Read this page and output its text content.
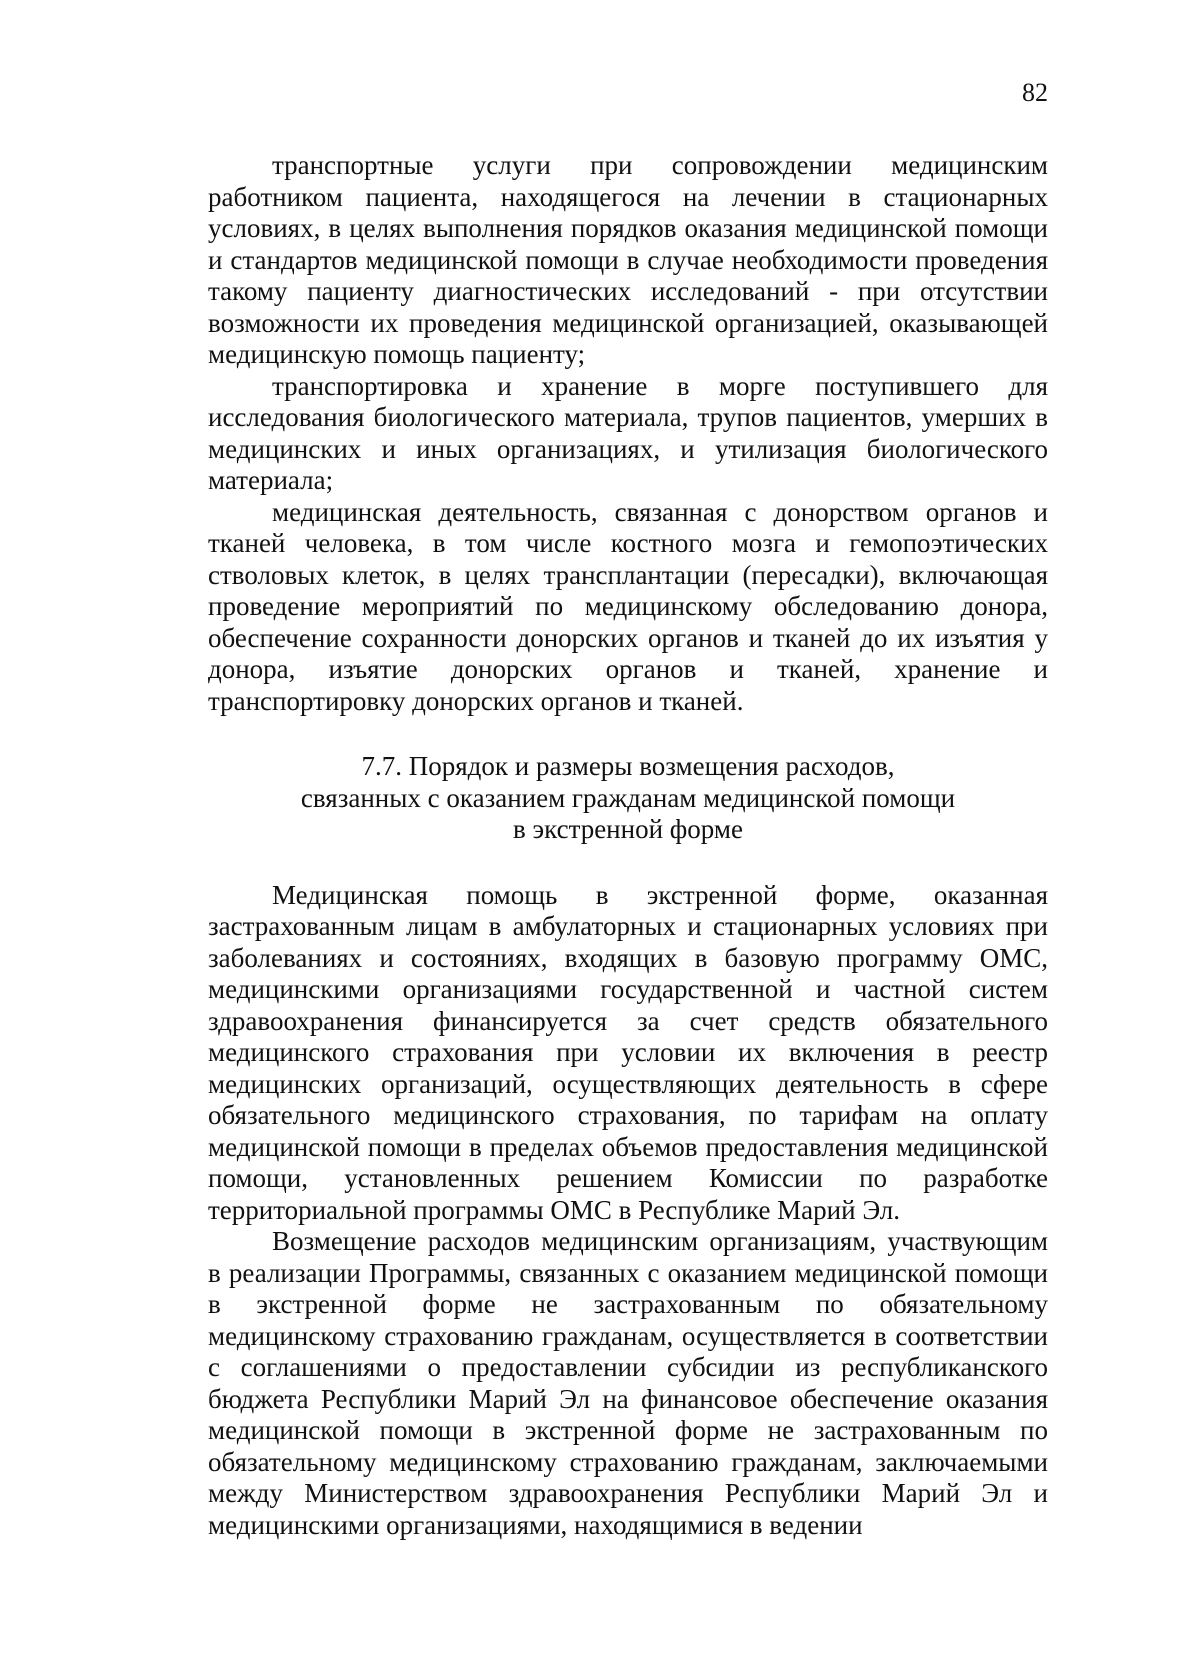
82

транспортные услуги при сопровождении медицинским работником пациента, находящегося на лечении в стационарных условиях, в целях выполнения порядков оказания медицинской помощи и стандартов медицинской помощи в случае необходимости проведения такому пациенту диагностических исследований - при отсутствии возможности их проведения медицинской организацией, оказывающей медицинскую помощь пациенту;

транспортировка и хранение в морге поступившего для исследования биологического материала, трупов пациентов, умерших в медицинских и иных организациях, и утилизация биологического материала;

медицинская деятельность, связанная с донорством органов и тканей человека, в том числе костного мозга и гемопоэтических стволовых клеток, в целях трансплантации (пересадки), включающая проведение мероприятий по медицинскому обследованию донора, обеспечение сохранности донорских органов и тканей до их изъятия у донора, изъятие донорских органов и тканей, хранение и транспортировку донорских органов и тканей.

7.7. Порядок и размеры возмещения расходов,
связанных с оказанием гражданам медицинской помощи
в экстренной форме

Медицинская помощь в экстренной форме, оказанная застрахованным лицам в амбулаторных и стационарных условиях при заболеваниях и состояниях, входящих в базовую программу ОМС, медицинскими организациями государственной и частной систем здравоохранения финансируется за счет средств обязательного медицинского страхования при условии их включения в реестр медицинских организаций, осуществляющих деятельность в сфере обязательного медицинского страхования, по тарифам на оплату медицинской помощи в пределах объемов предоставления медицинской помощи, установленных решением Комиссии по разработке территориальной программы ОМС в Республике Марий Эл.

Возмещение расходов медицинским организациям, участвующим в реализации Программы, связанных с оказанием медицинской помощи в экстренной форме не застрахованным по обязательному медицинскому страхованию гражданам, осуществляется в соответствии с соглашениями о предоставлении субсидии из республиканского бюджета Республики Марий Эл на финансовое обеспечение оказания медицинской помощи в экстренной форме не застрахованным по обязательному медицинскому страхованию гражданам, заключаемыми между Министерством здравоохранения Республики Марий Эл и медицинскими организациями, находящимися в ведении
